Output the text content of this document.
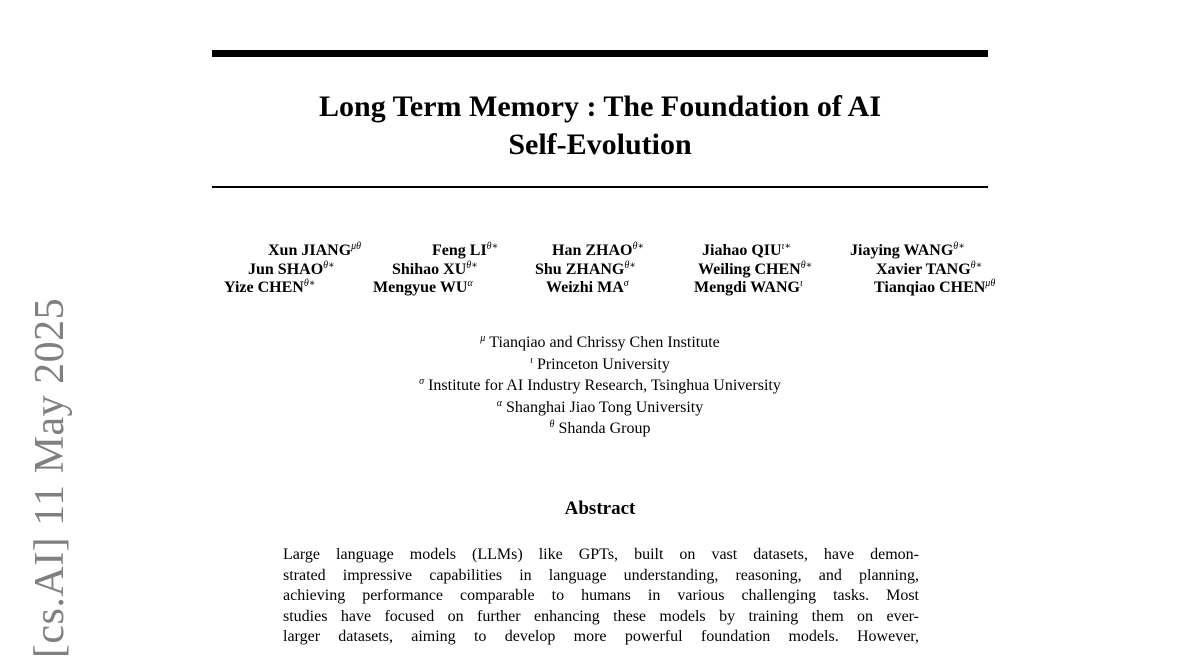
Long Term Memory : The Foundation of AI
Self-Evolution
Xun $JIANG^{\mu\theta}$	Feng $LI^{\theta∗}$	Han $ZHAO^{\theta∗}$	Jiahao $QIU^{\iota∗}$	Jiaying $WANG^{\theta∗}$
Jun $SHAO^{\theta∗}$	Shihao $XU^{\theta∗}$	Shu $ZHANG^{\theta∗}$	Weiling $CHEN^{\theta∗}$	Xavier $TANG^{\theta∗}$
Yize $CHEN^{\theta∗}$	Mengyue $WU^\alpha$	Weizhi $MA^\sigma$	Mengdi $WANG^\iota$	Tianqiao $CHEN^{\mu\theta}$
$^\mu$ Tianqiao and Chrissy Chen Institute
$^\iota$ Princeton University
$^\sigma$ Institute for AI Industry Research, Tsinghua University
$^\alpha$ Shanghai Jiao Tong University
$^\theta$ Shanda Group
Abstract
Large language models (LLMs) like GPTs, built on vast datasets, have demon-
strated impressive capabilities in language understanding, reasoning, and planning,
achieving performance comparable to humans in various challenging tasks. Most
studies have focused on further enhancing these models by training them on ever-
larger datasets, aiming to develop more powerful foundation models. However,
[cs.AI] 11 May 2025
